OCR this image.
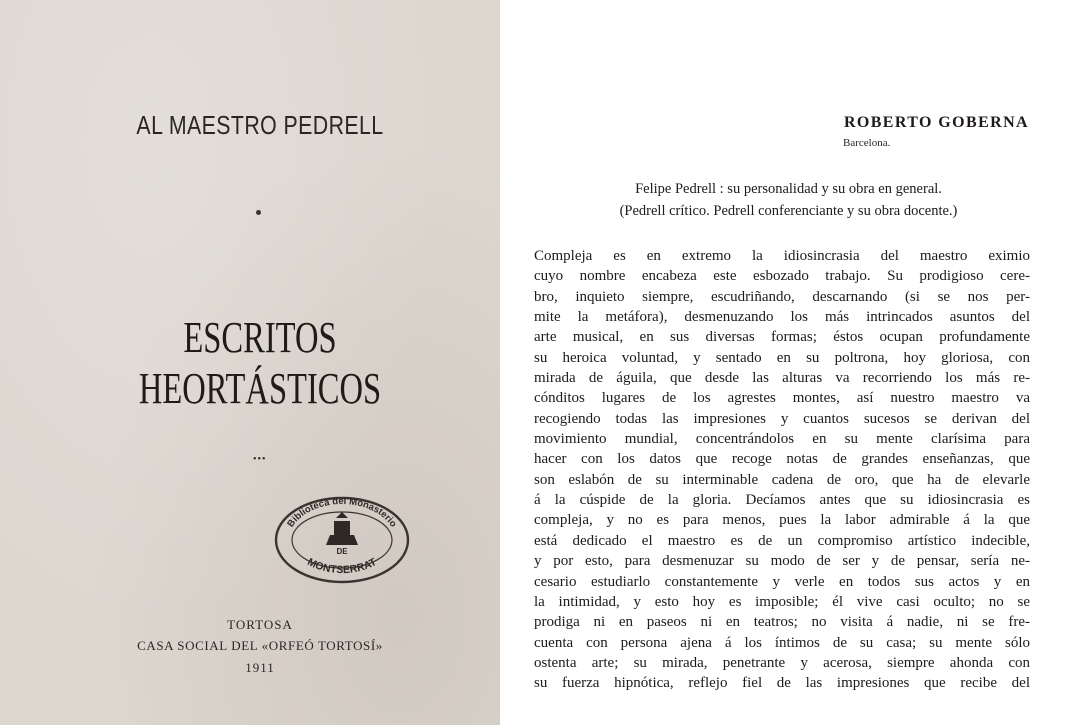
AL MAESTRO PEDRELL
ESCRITOS HEORTÁSTICOS
•••
Biblioteca del Monasterio
DE
MONTSERRAT
TORTOSA
CASA SOCIAL DEL «ORFEÓ TORTOSÍ»
1911
ROBERTO GOBERNA
Barcelona.
Felipe Pedrell : su personalidad y su obra en general.
(Pedrell crítico. Pedrell conferenciante y su obra docente.)
Compleja es en extremo la idiosincrasia del maestro eximio
cuyo nombre encabeza este esbozado trabajo. Su prodigioso cere-
bro, inquieto siempre, escudriñando, descarnando (si se nos per-
mite la metáfora), desmenuzando los más intrincados asuntos del
arte musical, en sus diversas formas; éstos ocupan profundamente
su heroica voluntad, y sentado en su poltrona, hoy gloriosa, con
mirada de águila, que desde las alturas va recorriendo los más re-
cónditos lugares de los agrestes montes, así nuestro maestro va
recogiendo todas las impresiones y cuantos sucesos se derivan del
movimiento mundial, concentrándolos en su mente clarísima para
hacer con los datos que recoge notas de grandes enseñanzas, que
son eslabón de su interminable cadena de oro, que ha de elevarle
á la cúspide de la gloria. Decíamos antes que su idiosincrasia es
compleja, y no es para menos, pues la labor admirable á la que
está dedicado el maestro es de un compromiso artístico indecible,
y por esto, para desmenuzar su modo de ser y de pensar, sería ne-
cesario estudiarlo constantemente y verle en todos sus actos y en
la intimidad, y esto hoy es imposible; él vive casi oculto; no se
prodiga ni en paseos ni en teatros; no visita á nadie, ni se fre-
cuenta con persona ajena á los íntimos de su casa; su mente sólo
ostenta arte; su mirada, penetrante y acerosa, siempre ahonda con
su fuerza hipnótica, reflejo fiel de las impresiones que recibe del
